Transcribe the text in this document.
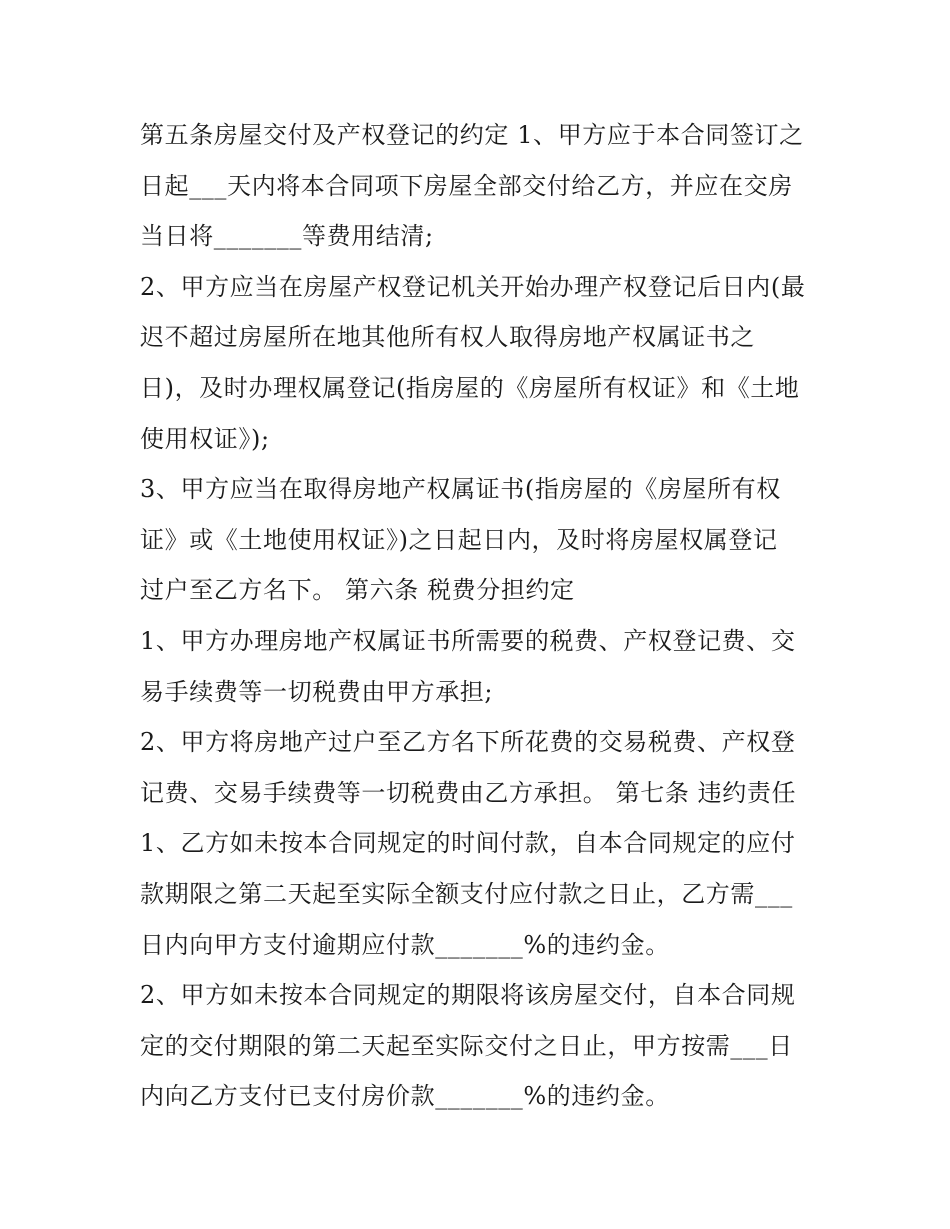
第五条房屋交付及产权登记的约定 1、甲方应于本合同签订之
日起___天内将本合同项下房屋全部交付给乙方，并应在交房
当日将_______等费用结清;
2、甲方应当在房屋产权登记机关开始办理产权登记后日内(最
迟不超过房屋所在地其他所有权人取得房地产权属证书之
日)，及时办理权属登记(指房屋的《房屋所有权证》和《土地
使用权证》);
3、甲方应当在取得房地产权属证书(指房屋的《房屋所有权
证》或《土地使用权证》)之日起日内，及时将房屋权属登记
过户至乙方名下。 第六条 税费分担约定
1、甲方办理房地产权属证书所需要的税费、产权登记费、交
易手续费等一切税费由甲方承担;
2、甲方将房地产过户至乙方名下所花费的交易税费、产权登
记费、交易手续费等一切税费由乙方承担。 第七条 违约责任
1、乙方如未按本合同规定的时间付款，自本合同规定的应付
款期限之第二天起至实际全额支付应付款之日止，乙方需___
日内向甲方支付逾期应付款_______%的违约金。
2、甲方如未按本合同规定的期限将该房屋交付，自本合同规
定的交付期限的第二天起至实际交付之日止，甲方按需___日
内向乙方支付已支付房价款_______%的违约金。
